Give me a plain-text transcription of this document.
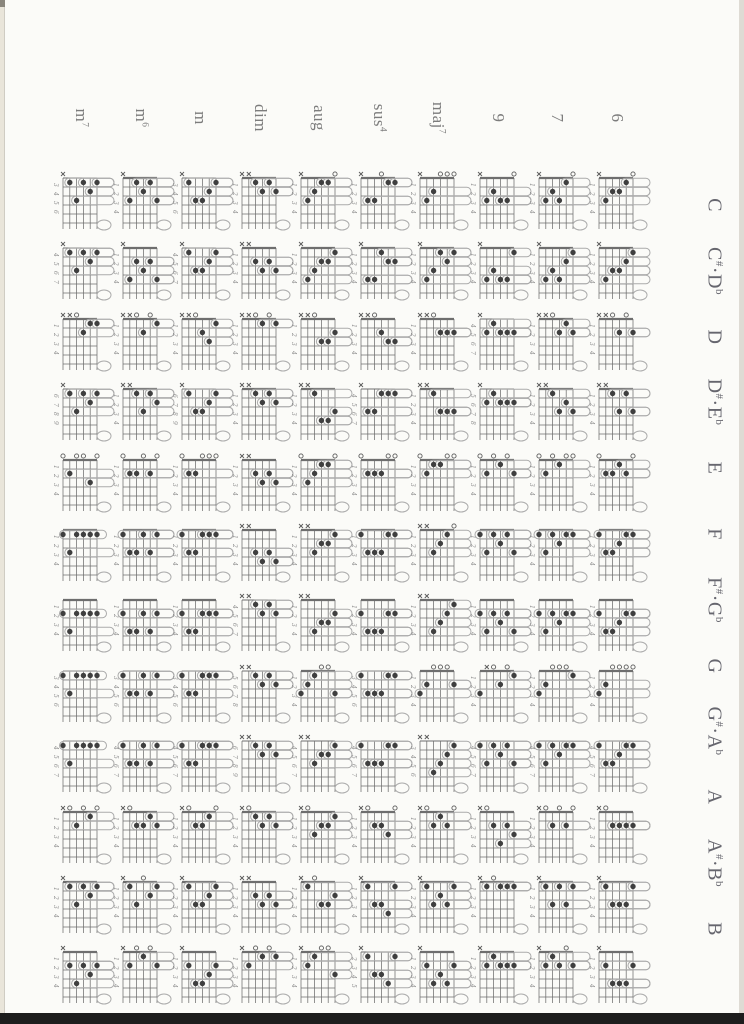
$m^7$
$m^6$ m dim aug sus$^4$
maj$^7$
9 7 6
C
$C^{\#}\cdot D^b$
D
$D^{\#}\cdot E^b$
E
F
$F^{\#}\cdot G^b$
G
$G^{\#}\cdot A^b$
A
$A^{\#}\cdot B^b$
B
3
4
5
6
1
2
3
4
3
4
5
6
1
2
3
4
1
2
3
4
1
2
3
4
1
2
3
4
1
2
3
4
1
2
3
4
1
2
3
4
4
5
6
7
1
2
3
4
4
5
6
7
1
2
3
4
1
2
3
4
1
2
3
4
1
2
3
4
1
2
3
4
1
2
3
4
1
2
3
4
1
2
3
4
1
2
3
4
1
2
3
4
1
2
3
4
1
2
3
4
1
2
3
4
1
2
3
4
4
5
6
7
1
2
3
4
1
2
3
4
6
7
8
9
1
2
3
4
6
7
8
9
1
2
3
4
1
2
3
4
4
5
6
7
1
2
3
4
5
6
7
8
1
2
3
4
1
2
3
4
1
2
3
4
1
2
3
4
1
2
3
4
1
2
3
4
1
2
3
4
1
2
3
4
1
2
3
4
1
2
3
4
1
2
3
4
1
2
3
4
1
2
3
4
1
2
3
4
1
2
3
4
1
2
3
4
1
2
3
4
1
2
3
4
1
2
3
4
1
2
3
4
1
2
3
4
1
2
3
4
1
2
3
4
1
2
3
4
1
2
3
4
4
5
6
7
1
2
3
4
1
2
3
4
1
2
3
4
1
2
3
4
1
2
3
4
1
2
3
4
3
4
5
6
3
4
5
6
3
4
5
6
5
6
7
8
1
2
3
4
3
4
5
6
1
2
3
4
1
2
3
4
1
2
3
4
1
2
3
4
4
5
6
7
4
5
6
7
4
5
6
7
6
7
8
9
4
5
6
7
4
5
6
7
3
4
5
6
4
5
6
7
4
5
6
7
4
5
6
7
1
2
3
4
1
2
3
4
1
2
3
4
1
2
3
4
1
2
3
4
1
2
3
4
1
2
3
4
1
2
3
4
1
2
3
4
1
2
3
4
1
2
3
4
1
2
3
4
1
2
3
4
1
2
3
4
1
2
3
4
1
2
3
4
1
2
3
4
1
2
3
4
1
2
3
4
1
2
3
4
1
2
3
4
1
2
3
4
1
2
3
4
1
2
3
4
1
2
3
4
2
3
4
5
1
2
3
4
1
2
3
4
1
2
3
4
1
2
3
4
